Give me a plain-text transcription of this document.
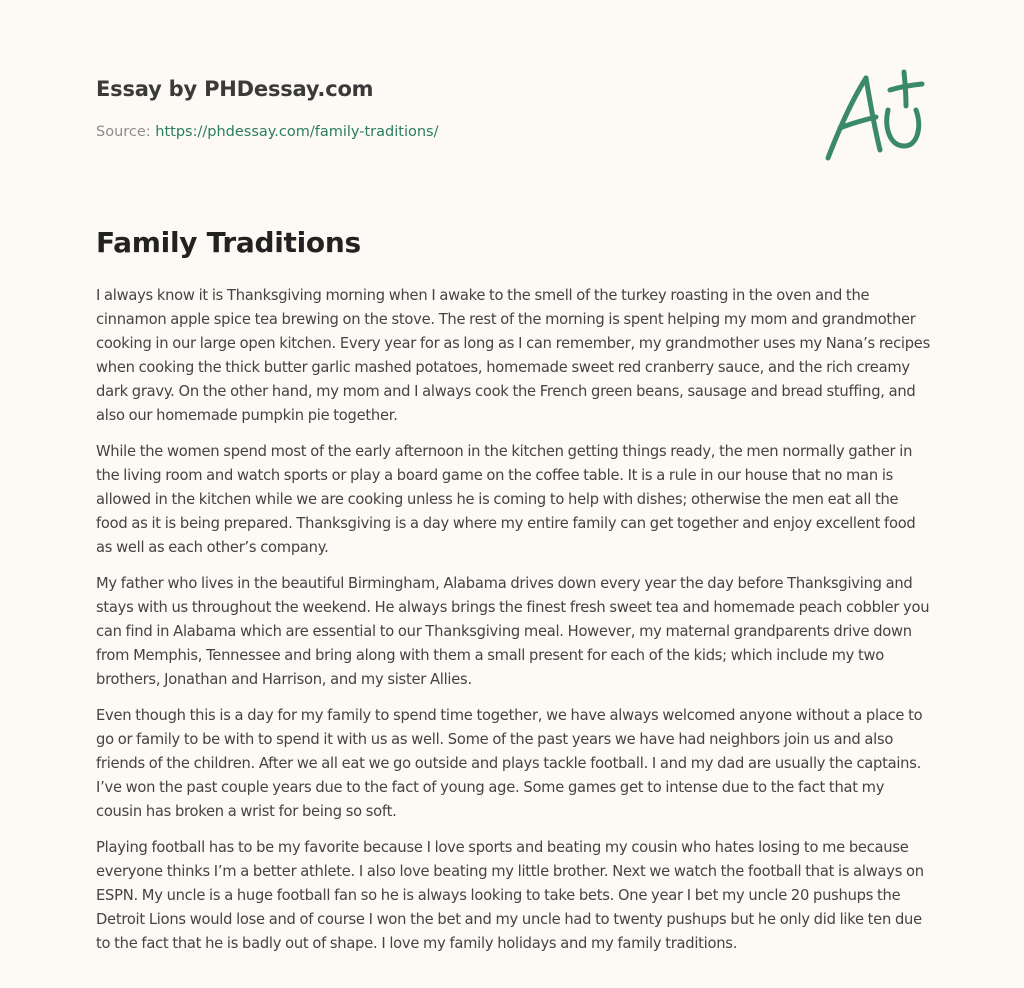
Essay by PHDessay.com
Source: https://phdessay.com/family-traditions/
Family Traditions

I always know it is Thanksgiving morning when I awake to the smell of the turkey roasting in the oven and the cinnamon apple spice tea brewing on the stove. The rest of the morning is spent helping my mom and grandmother cooking in our large open kitchen. Every year for as long as I can remember, my grandmother uses my Nana’s recipes when cooking the thick butter garlic mashed potatoes, homemade sweet red cranberry sauce, and the rich creamy dark gravy. On the other hand, my mom and I always cook the French green beans, sausage and bread stuffing, and also our homemade pumpkin pie together.

While the women spend most of the early afternoon in the kitchen getting things ready, the men normally gather in the living room and watch sports or play a board game on the coffee table. It is a rule in our house that no man is allowed in the kitchen while we are cooking unless he is coming to help with dishes; otherwise the men eat all the food as it is being prepared. Thanksgiving is a day where my entire family can get together and enjoy excellent food as well as each other’s company.

My father who lives in the beautiful Birmingham, Alabama drives down every year the day before Thanksgiving and stays with us throughout the weekend. He always brings the finest fresh sweet tea and homemade peach cobbler you can find in Alabama which are essential to our Thanksgiving meal. However, my maternal grandparents drive down from Memphis, Tennessee and bring along with them a small present for each of the kids; which include my two brothers, Jonathan and Harrison, and my sister Allies.

Even though this is a day for my family to spend time together, we have always welcomed anyone without a place to go or family to be with to spend it with us as well. Some of the past years we have had neighbors join us and also friends of the children. After we all eat we go outside and plays tackle football. I and my dad are usually the captains. I’ve won the past couple years due to the fact of young age. Some games get to intense due to the fact that my cousin has broken a wrist for being so soft.

Playing football has to be my favorite because I love sports and beating my cousin who hates losing to me because everyone thinks I’m a better athlete. I also love beating my little brother. Next we watch the football that is always on ESPN. My uncle is a huge football fan so he is always looking to take bets. One year I bet my uncle 20 pushups the Detroit Lions would lose and of course I won the bet and my uncle had to twenty pushups but he only did like ten due to the fact that he is badly out of shape. I love my family holidays and my family traditions.
